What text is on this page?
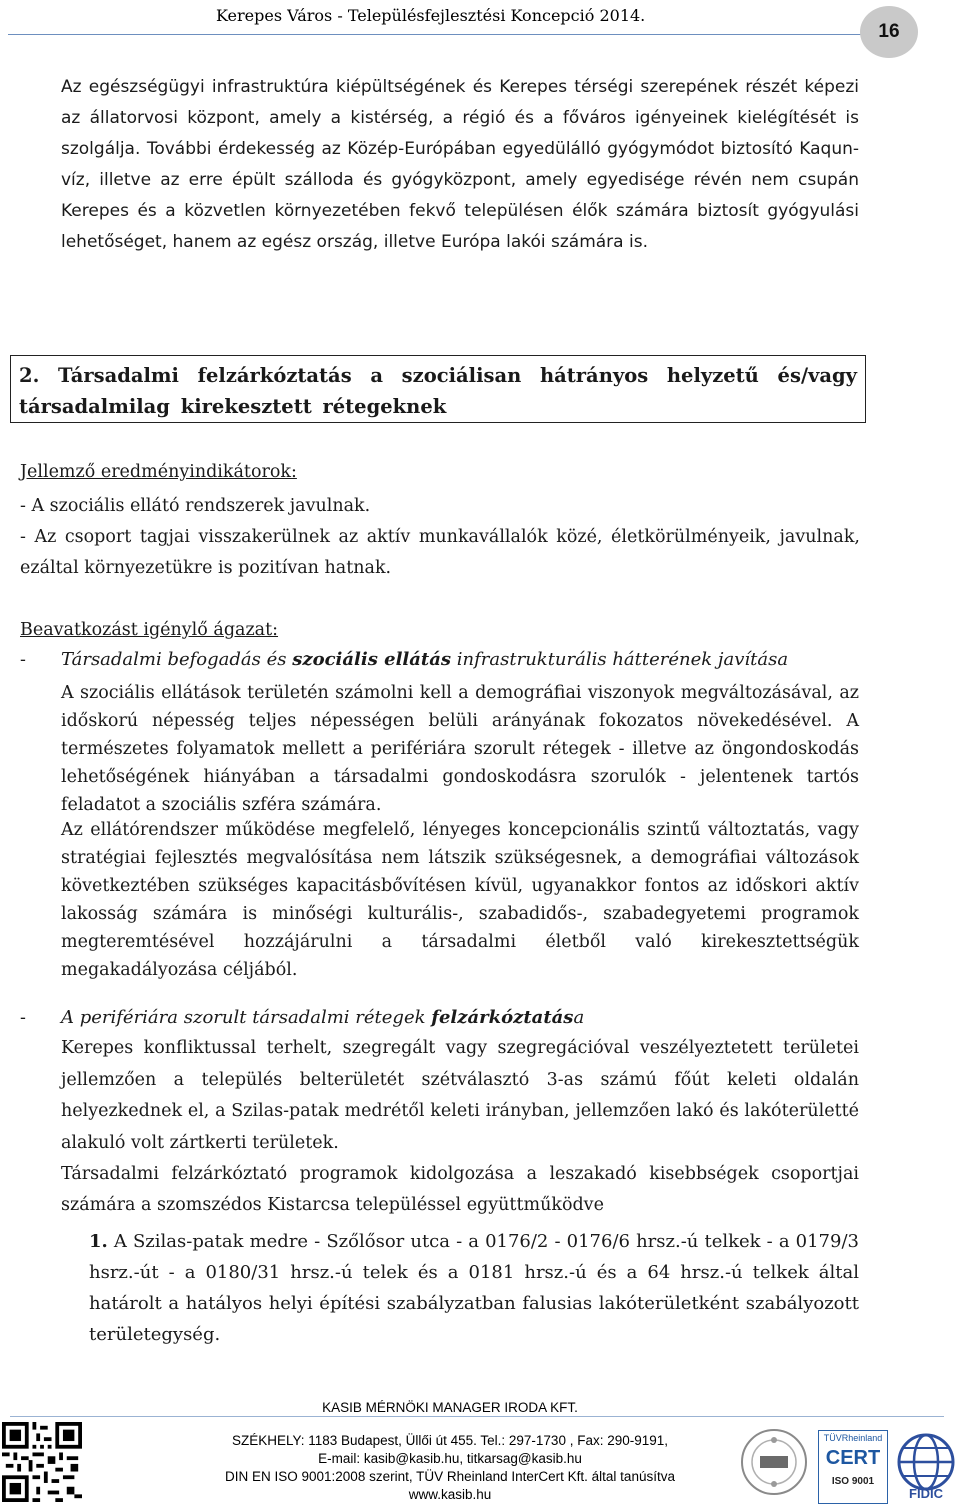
Kerepes Város - Településfejlesztési Koncepció 2014.
16
Az egészségügyi infrastruktúra kiépültségének és Kerepes térségi szerepének részét képezi az állatorvosi központ, amely a kistérség, a régió és a főváros igényeinek kielégítését is szolgálja. További érdekesség az Közép-Európában egyedülálló gyógymódot biztosító Kaqun-víz, illetve az erre épült szálloda és gyógyközpont, amely egyedisége révén nem csupán Kerepes és a közvetlen környezetében fekvő településen élők számára biztosít gyógyulási lehetőséget, hanem az egész ország, illetve Európa lakói számára is.
2. Társadalmi felzárkóztatás a szociálisan hátrányos helyzetű és/vagy társadalmilag kirekesztett rétegeknek
Jellemző eredményindikátorok:
- A szociális ellátó rendszerek javulnak.
- Az csoport tagjai visszakerülnek az aktív munkavállalók közé, életkörülményeik, javulnak, ezáltal környezetükre is pozitívan hatnak.
Beavatkozást igénylő ágazat:
- Társadalmi befogadás és szociális ellátás infrastrukturális hátterének javítása
A szociális ellátások területén számolni kell a demográfiai viszonyok megváltozásával, az időskorú népesség teljes népességen belüli arányának fokozatos növekedésével. A természetes folyamatok mellett a perifériára szorult rétegek - illetve az öngondoskodás lehetőségének hiányában a társadalmi gondoskodásra szorulók - jelentenek tartós feladatot a szociális szféra számára.
Az ellátórendszer működése megfelelő, lényeges koncepcionális szintű változtatás, vagy stratégiai fejlesztés megvalósítása nem látszik szükségesnek, a demográfiai változások következtében szükséges kapacitásbővítésen kívül, ugyanakkor fontos az időskori aktív lakosság számára is minőségi kulturális-, szabadidős-, szabadegyetemi programok megteremtésével hozzájárulni a társadalmi életből való kirekesztettségük megakadályozása céljából.
- A perifériára szorult társadalmi rétegek felzárkóztatása
Kerepes konfliktussal terhelt, szegregált vagy szegregációval veszélyeztetett területei jellemzően a település belterületét szétválasztó 3-as számú főút keleti oldalán helyezkednek el, a Szilas-patak medrétől keleti irányban, jellemzően lakó és lakóterületté alakuló volt zártkerti területek.
Társadalmi felzárkóztató programok kidolgozása a leszakadó kisebbségek csoportjai számára a szomszédos Kistarcsa településsel együttműködve
1. A Szilas-patak medre - Szőlősor utca - a 0176/2 - 0176/6 hrsz.-ú telkek - a 0179/3 hsrz.-út - a 0180/31 hrsz.-ú telek és a 0181 hrsz.-ú és a 64 hrsz.-ú telkek által határolt a hatályos helyi építési szabályzatban falusias lakóterületként szabályozott területegység.
KASIB MÉRNÖKI MANAGER IRODA KFT.
SZÉKHELY: 1183 Budapest, Üllői út 455. Tel.: 297-1730 , Fax: 290-9191,
E-mail: kasib@kasib.hu, titkarsag@kasib.hu
DIN EN ISO 9001:2008 szerint, TÜV Rheinland InterCert Kft. által tanúsítva
www.kasib.hu
TÜVRheinland
CERT
ISO 9001
FIDIC
